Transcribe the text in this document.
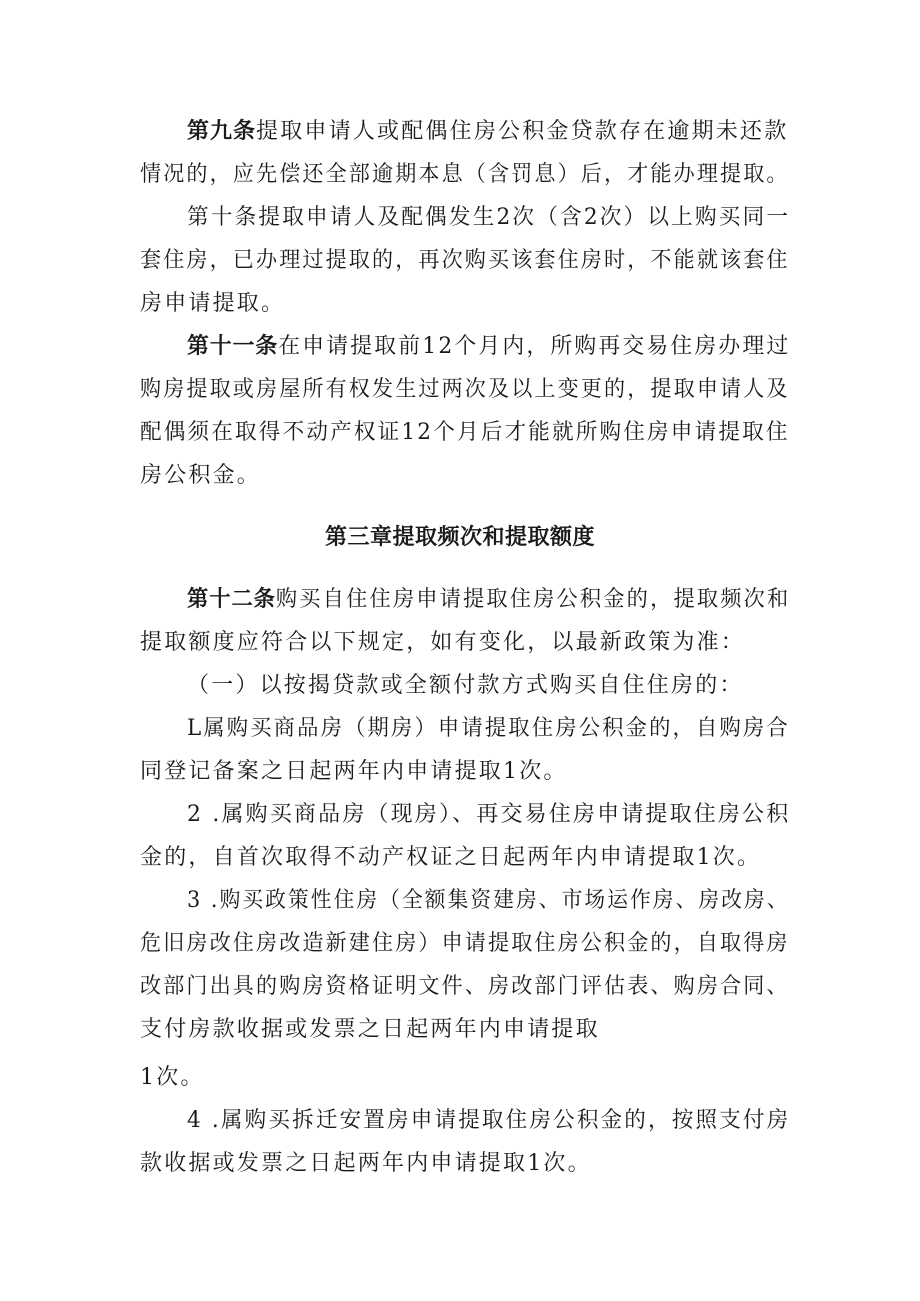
第九条提取申请人或配偶住房公积金贷款存在逾期未还款
情况的，应先偿还全部逾期本息（含罚息）后，才能办理提取。
第十条提取申请人及配偶发生2次（含2次）以上购买同一
套住房，已办理过提取的，再次购买该套住房时，不能就该套住
房申请提取。
第十一条在申请提取前12个月内，所购再交易住房办理过
购房提取或房屋所有权发生过两次及以上变更的，提取申请人及
配偶须在取得不动产权证12个月后才能就所购住房申请提取住
房公积金。
第三章提取频次和提取额度
第十二条购买自住住房申请提取住房公积金的，提取频次和
提取额度应符合以下规定，如有变化，以最新政策为准：
（一）以按揭贷款或全额付款方式购买自住住房的：
L属购买商品房（期房）申请提取住房公积金的，自购房合
同登记备案之日起两年内申请提取1次。
2 .属购买商品房（现房）、再交易住房申请提取住房公积
金的，自首次取得不动产权证之日起两年内申请提取1次。
3 .购买政策性住房（全额集资建房、市场运作房、房改房、
危旧房改住房改造新建住房）申请提取住房公积金的，自取得房
改部门出具的购房资格证明文件、房改部门评估表、购房合同、
支付房款收据或发票之日起两年内申请提取
1次。
4 .属购买拆迁安置房申请提取住房公积金的，按照支付房
款收据或发票之日起两年内申请提取1次。
